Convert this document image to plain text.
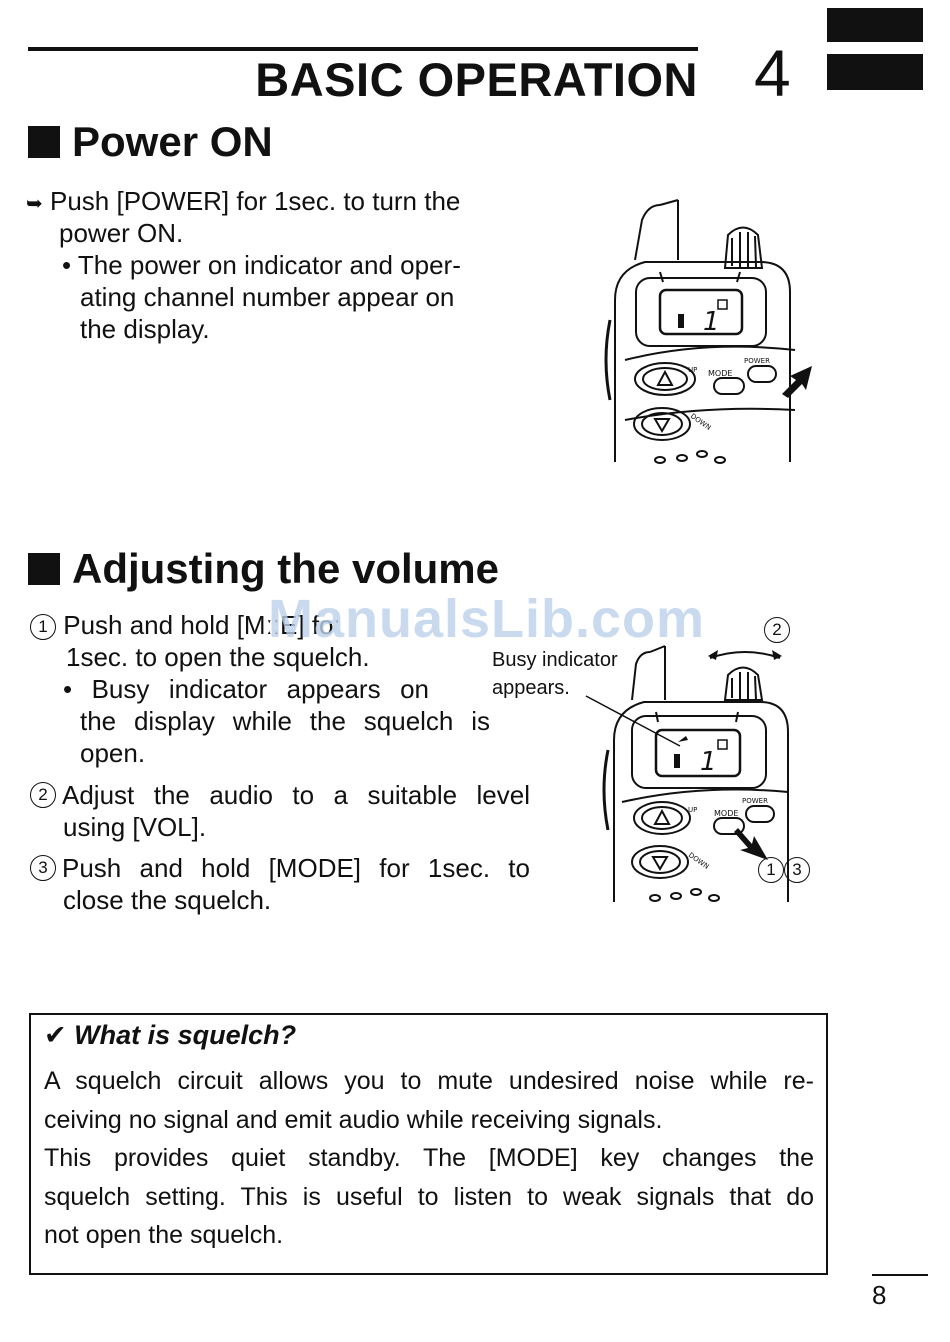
BASIC OPERATION 4
Power ON
➥ Push [POWER] for 1sec. to turn the
power ON.
• The power on indicator and oper-
ating channel number appear on
the display.	1
MODE
POWER
UP
DOWN
Adjusting the volume
1 Push and hold [MːːE] foˑ
1sec. to open the squelch.
• Busy indicator appears on
the display while the squelch is
open.
2 Adjust the audio to a suitable level
using [VOL].
3 Push and hold [MODE] for 1sec. to
close the squelch.
Busy indicator
appears.
2
1 3
1
MODE
POWER
UP
DOWN
ManualsLib.com
✔ What is squelch?
A squelch circuit allows you to mute undesired noise while re-
ceiving no signal and emit audio while receiving signals.
This provides quiet standby. The [MODE] key changes the
squelch setting. This is useful to listen to weak signals that do
not open the squelch.
8
